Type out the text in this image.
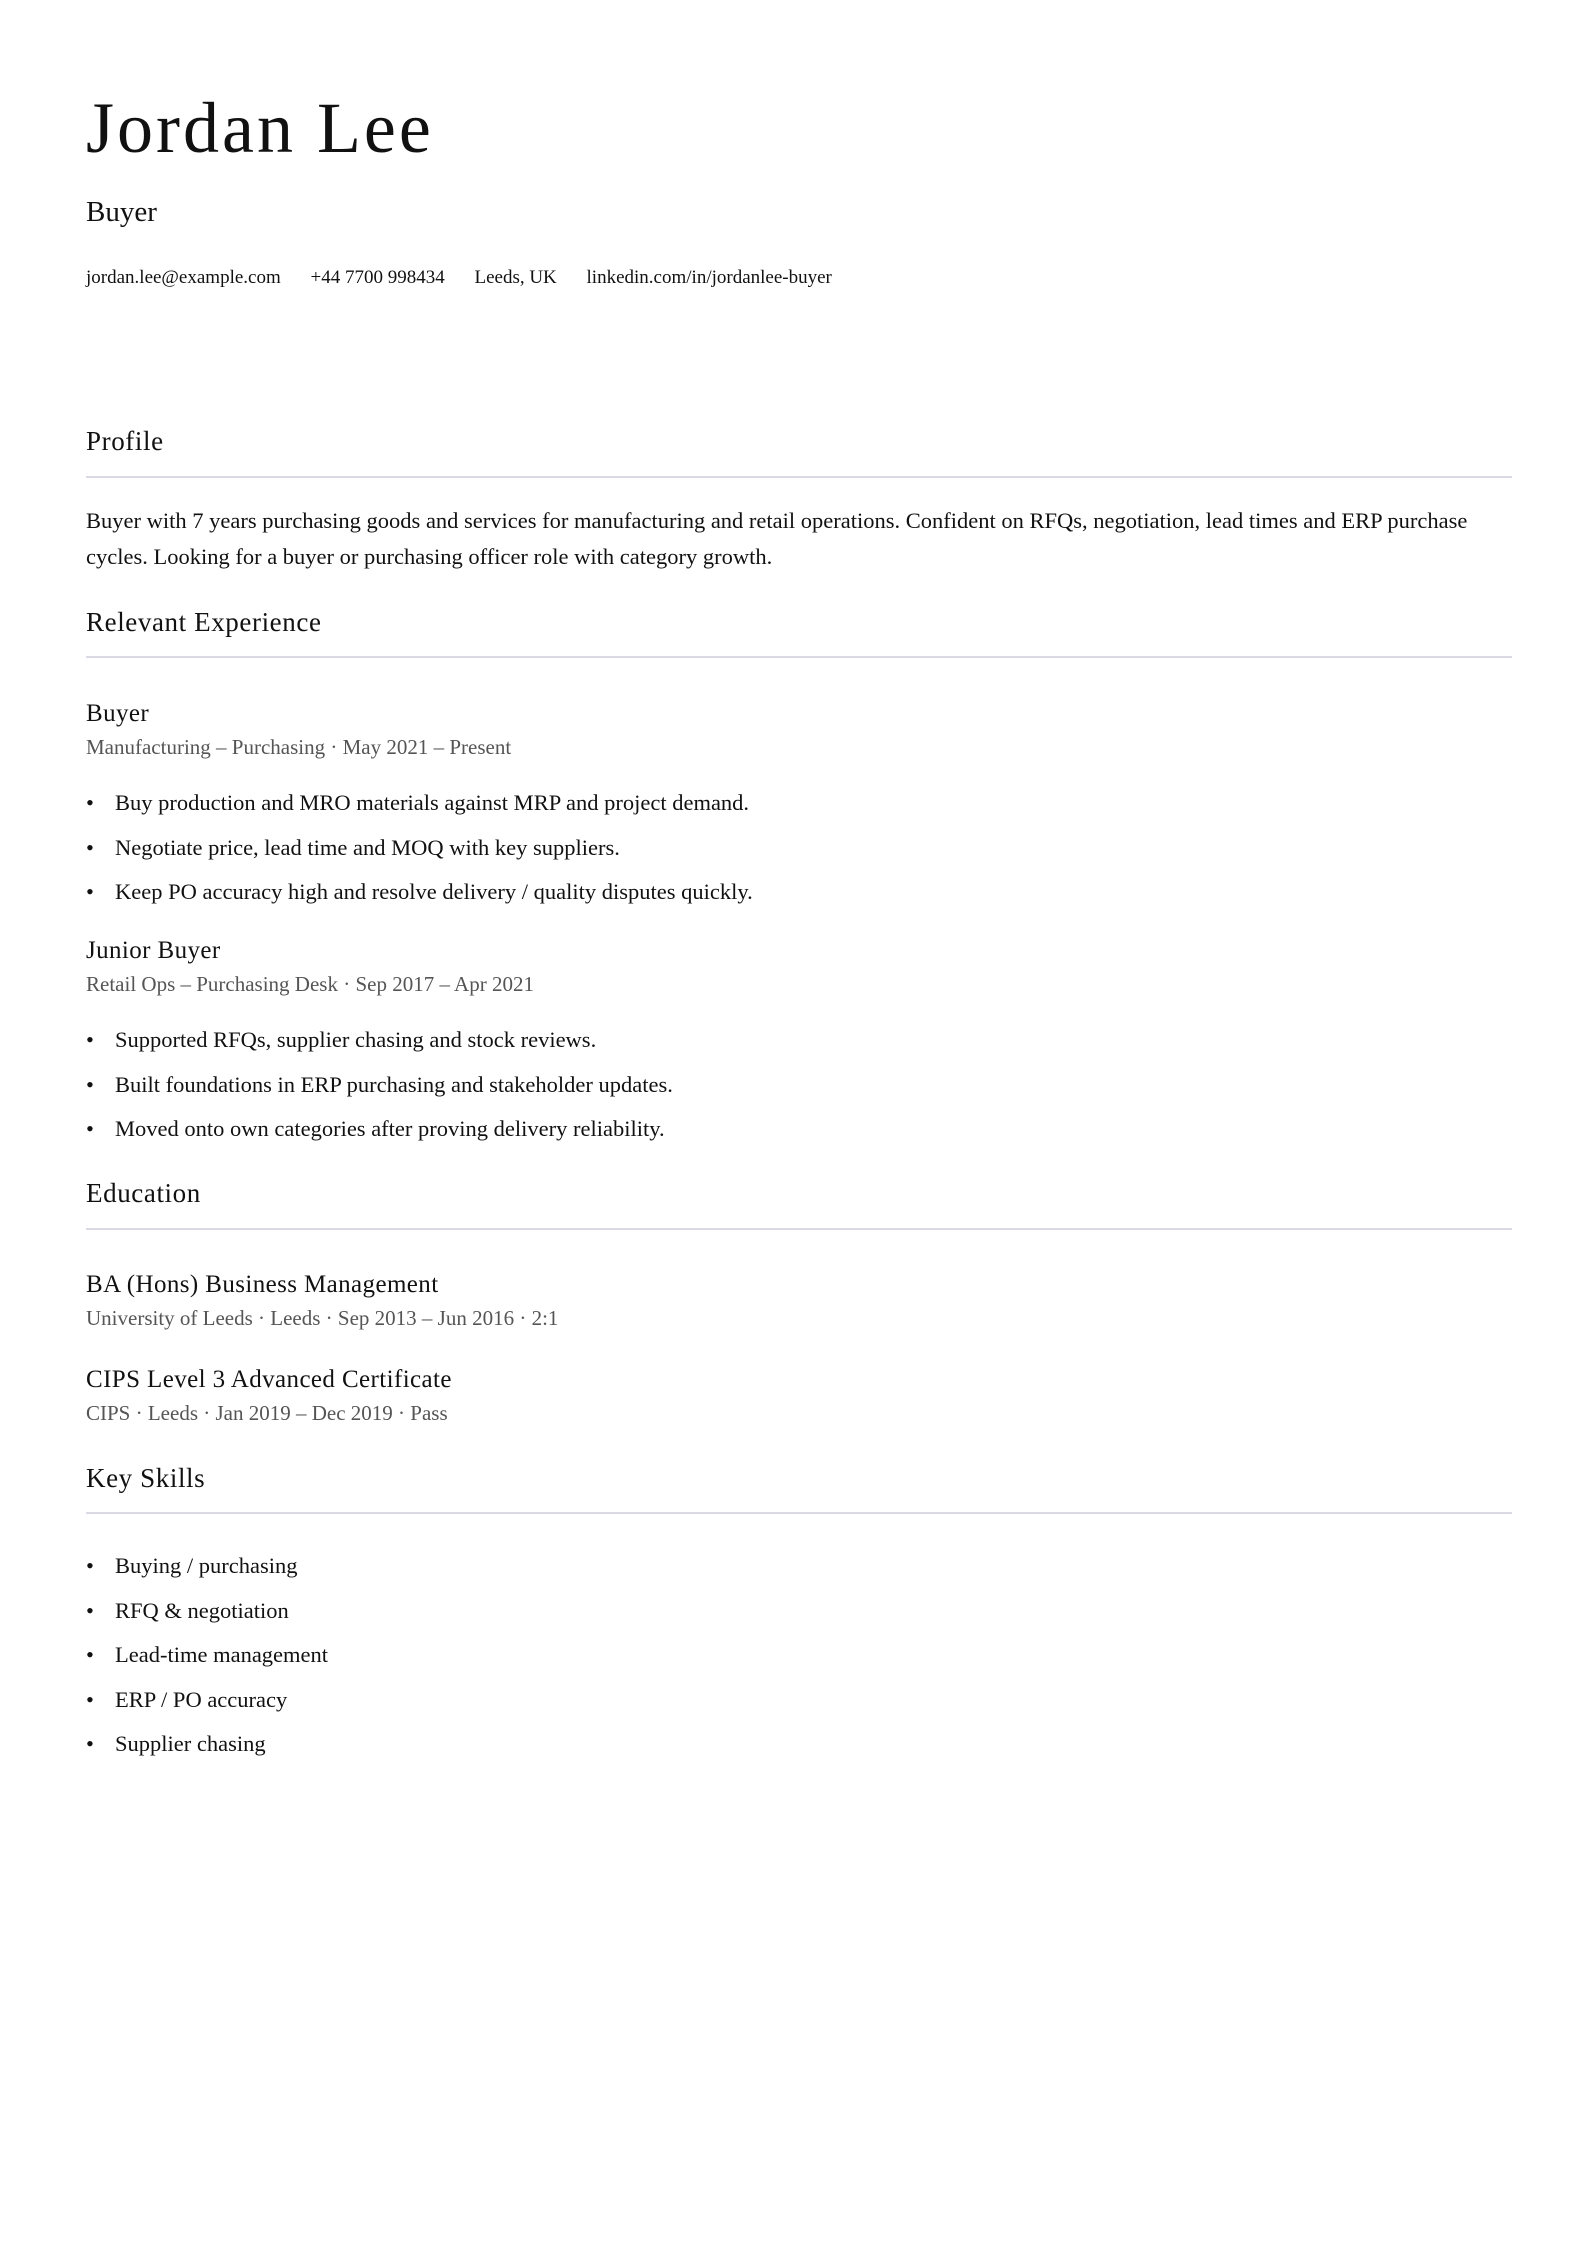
Jordan Lee
Buyer
jordan.lee@example.com +44 7700 998434 Leeds, UK linkedin.com/in/jordanlee-buyer
Profile

Buyer with 7 years purchasing goods and services for manufacturing and retail operations. Confident on RFQs, negotiation, lead times and ERP purchase cycles. Looking for a buyer or purchasing officer role with category growth.

Relevant Experience
Buyer

Manufacturing – Purchasing · May 2021 – Present

• Buy production and MRO materials against MRP and project demand.
• Negotiate price, lead time and MOQ with key suppliers.
• Keep PO accuracy high and resolve delivery / quality disputes quickly.
Junior Buyer

Retail Ops – Purchasing Desk · Sep 2017 – Apr 2021

• Supported RFQs, supplier chasing and stock reviews.
• Built foundations in ERP purchasing and stakeholder updates.
• Moved onto own categories after proving delivery reliability.
Education
BA (Hons) Business Management

University of Leeds · Leeds · Sep 2013 – Jun 2016 · 2:1

CIPS Level 3 Advanced Certificate

CIPS · Leeds · Jan 2019 – Dec 2019 · Pass

Key Skills
• Buying / purchasing
• RFQ & negotiation
• Lead-time management
• ERP / PO accuracy
• Supplier chasing
